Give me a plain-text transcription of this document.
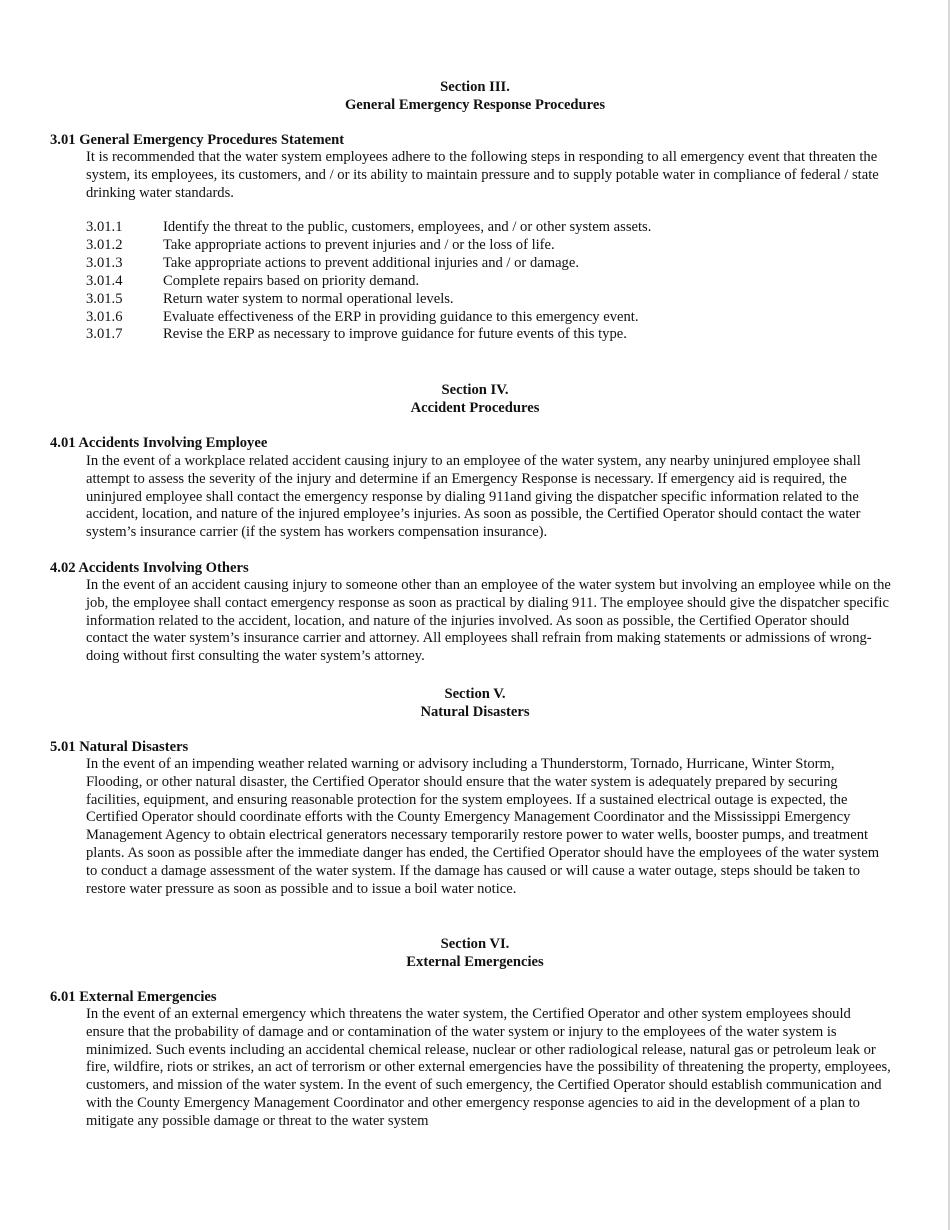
Section III.
General Emergency Response Procedures
3.01 General Emergency Procedures Statement

It is recommended that the water system employees adhere to the following steps in responding to all emergency event that threaten the system, its employees, its customers, and / or its ability to maintain pressure and to supply potable water in compliance of federal / state drinking water standards.

3.01.1	Identify the threat to the public, customers, employees, and / or other system assets.
3.01.2	Take appropriate actions to prevent injuries and / or the loss of life.
3.01.3	Take appropriate actions to prevent additional injuries and / or damage.
3.01.4	Complete repairs based on priority demand.
3.01.5	Return water system to normal operational levels.
3.01.6	Evaluate effectiveness of the ERP in providing guidance to this emergency event.
3.01.7	Revise the ERP as necessary to improve guidance for future events of this type.
Section IV.
Accident Procedures
4.01 Accidents Involving Employee

In the event of a workplace related accident causing injury to an employee of the water system, any nearby uninjured employee shall attempt to assess the severity of the injury and determine if an Emergency Response is necessary. If emergency aid is required, the uninjured employee shall contact the emergency response by dialing 911and giving the dispatcher specific information related to the accident, location, and nature of the injured employee’s injuries. As soon as possible, the Certified Operator should contact the water system’s insurance carrier (if the system has workers compensation insurance).

4.02 Accidents Involving Others

In the event of an accident causing injury to someone other than an employee of the water system but involving an employee while on the job, the employee shall contact emergency response as soon as practical by dialing 911. The employee should give the dispatcher specific information related to the accident, location, and nature of the injuries involved. As soon as possible, the Certified Operator should contact the water system’s insurance carrier and attorney. All employees shall refrain from making statements or admissions of wrong-doing without first consulting the water system’s attorney.

Section V.
Natural Disasters
5.01 Natural Disasters

In the event of an impending weather related warning or advisory including a Thunderstorm, Tornado, Hurricane, Winter Storm, Flooding, or other natural disaster, the Certified Operator should ensure that the water system is adequately prepared by securing facilities, equipment, and ensuring reasonable protection for the system employees. If a sustained electrical outage is expected, the Certified Operator should coordinate efforts with the County Emergency Management Coordinator and the Mississippi Emergency Management Agency to obtain electrical generators necessary temporarily restore power to water wells, booster pumps, and treatment plants. As soon as possible after the immediate danger has ended, the Certified Operator should have the employees of the water system to conduct a damage assessment of the water system. If the damage has caused or will cause a water outage, steps should be taken to restore water pressure as soon as possible and to issue a boil water notice.

Section VI.
External Emergencies
6.01 External Emergencies

In the event of an external emergency which threatens the water system, the Certified Operator and other system employees should ensure that the probability of damage and or contamination of the water system or injury to the employees of the water system is minimized. Such events including an accidental chemical release, nuclear or other radiological release, natural gas or petroleum leak or fire, wildfire, riots or strikes, an act of terrorism or other external emergencies have the possibility of threatening the property, employees, customers, and mission of the water system. In the event of such emergency, the Certified Operator should establish communication and with the County Emergency Management Coordinator and other emergency response agencies to aid in the development of a plan to mitigate any possible damage or threat to the water system
